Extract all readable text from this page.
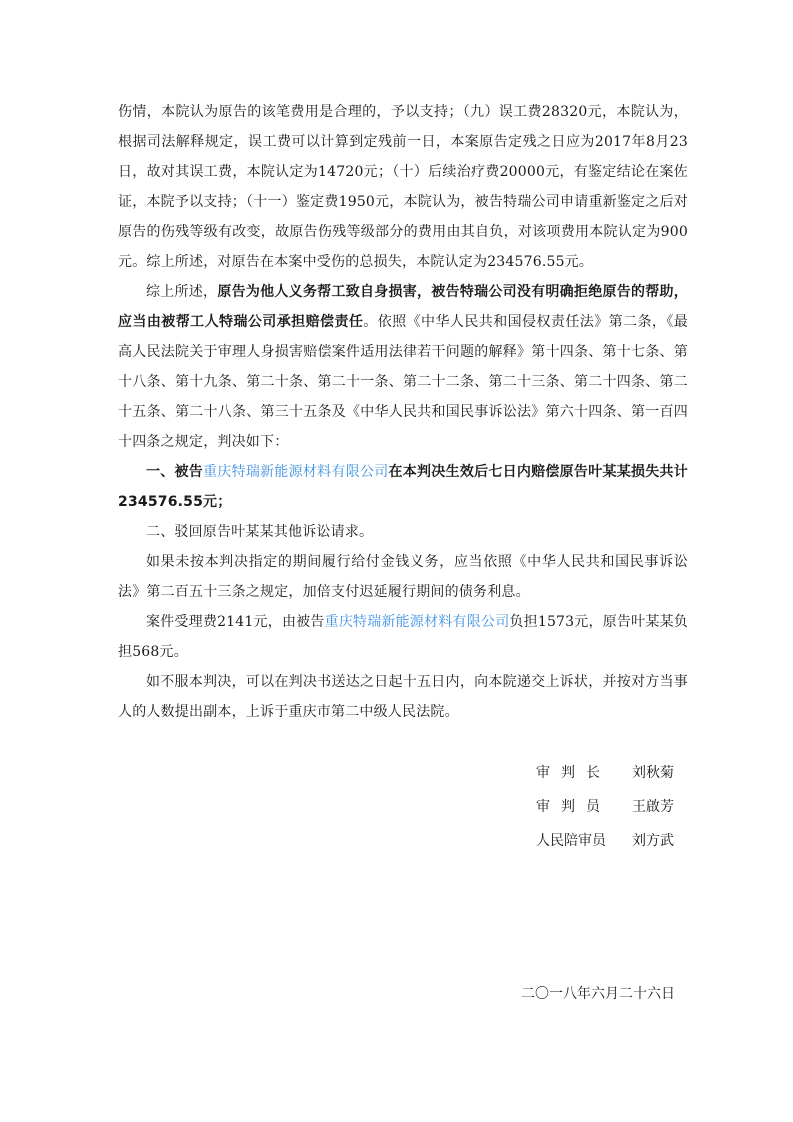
伤情，本院认为原告的该笔费用是合理的，予以支持；（九）误工费28320元，本院认为，根据司法解释规定，误工费可以计算到定残前一日，本案原告定残之日应为2017年8月23日，故对其误工费，本院认定为14720元；（十）后续治疗费20000元，有鉴定结论在案佐证，本院予以支持；（十一）鉴定费1950元，本院认为，被告特瑞公司申请重新鉴定之后对原告的伤残等级有改变，故原告伤残等级部分的费用由其自负，对该项费用本院认定为900元。综上所述，对原告在本案中受伤的总损失，本院认定为234576.55元。

综上所述，原告为他人义务帮工致自身损害，被告特瑞公司没有明确拒绝原告的帮助，应当由被帮工人特瑞公司承担赔偿责任。依照《中华人民共和国侵权责任法》第二条，《最高人民法院关于审理人身损害赔偿案件适用法律若干问题的解释》第十四条、第十七条、第十八条、第十九条、第二十条、第二十一条、第二十二条、第二十三条、第二十四条、第二十五条、第二十八条、第三十五条及《中华人民共和国民事诉讼法》第六十四条、第一百四十四条之规定，判决如下：

一、被告重庆特瑞新能源材料有限公司在本判决生效后七日内赔偿原告叶某某损失共计234576.55元；

二、驳回原告叶某某其他诉讼请求。

如果未按本判决指定的期间履行给付金钱义务，应当依照《中华人民共和国民事诉讼法》第二百五十三条之规定，加倍支付迟延履行期间的债务利息。

案件受理费2141元，由被告重庆特瑞新能源材料有限公司负担1573元，原告叶某某负担568元。

如不服本判决，可以在判决书送达之日起十五日内，向本院递交上诉状，并按对方当事人的人数提出副本，上诉于重庆市第二中级人民法院。

审判长	刘秋菊
审判员	王啟芳
人民陪审员	刘方武
二〇一八年六月二十六日
